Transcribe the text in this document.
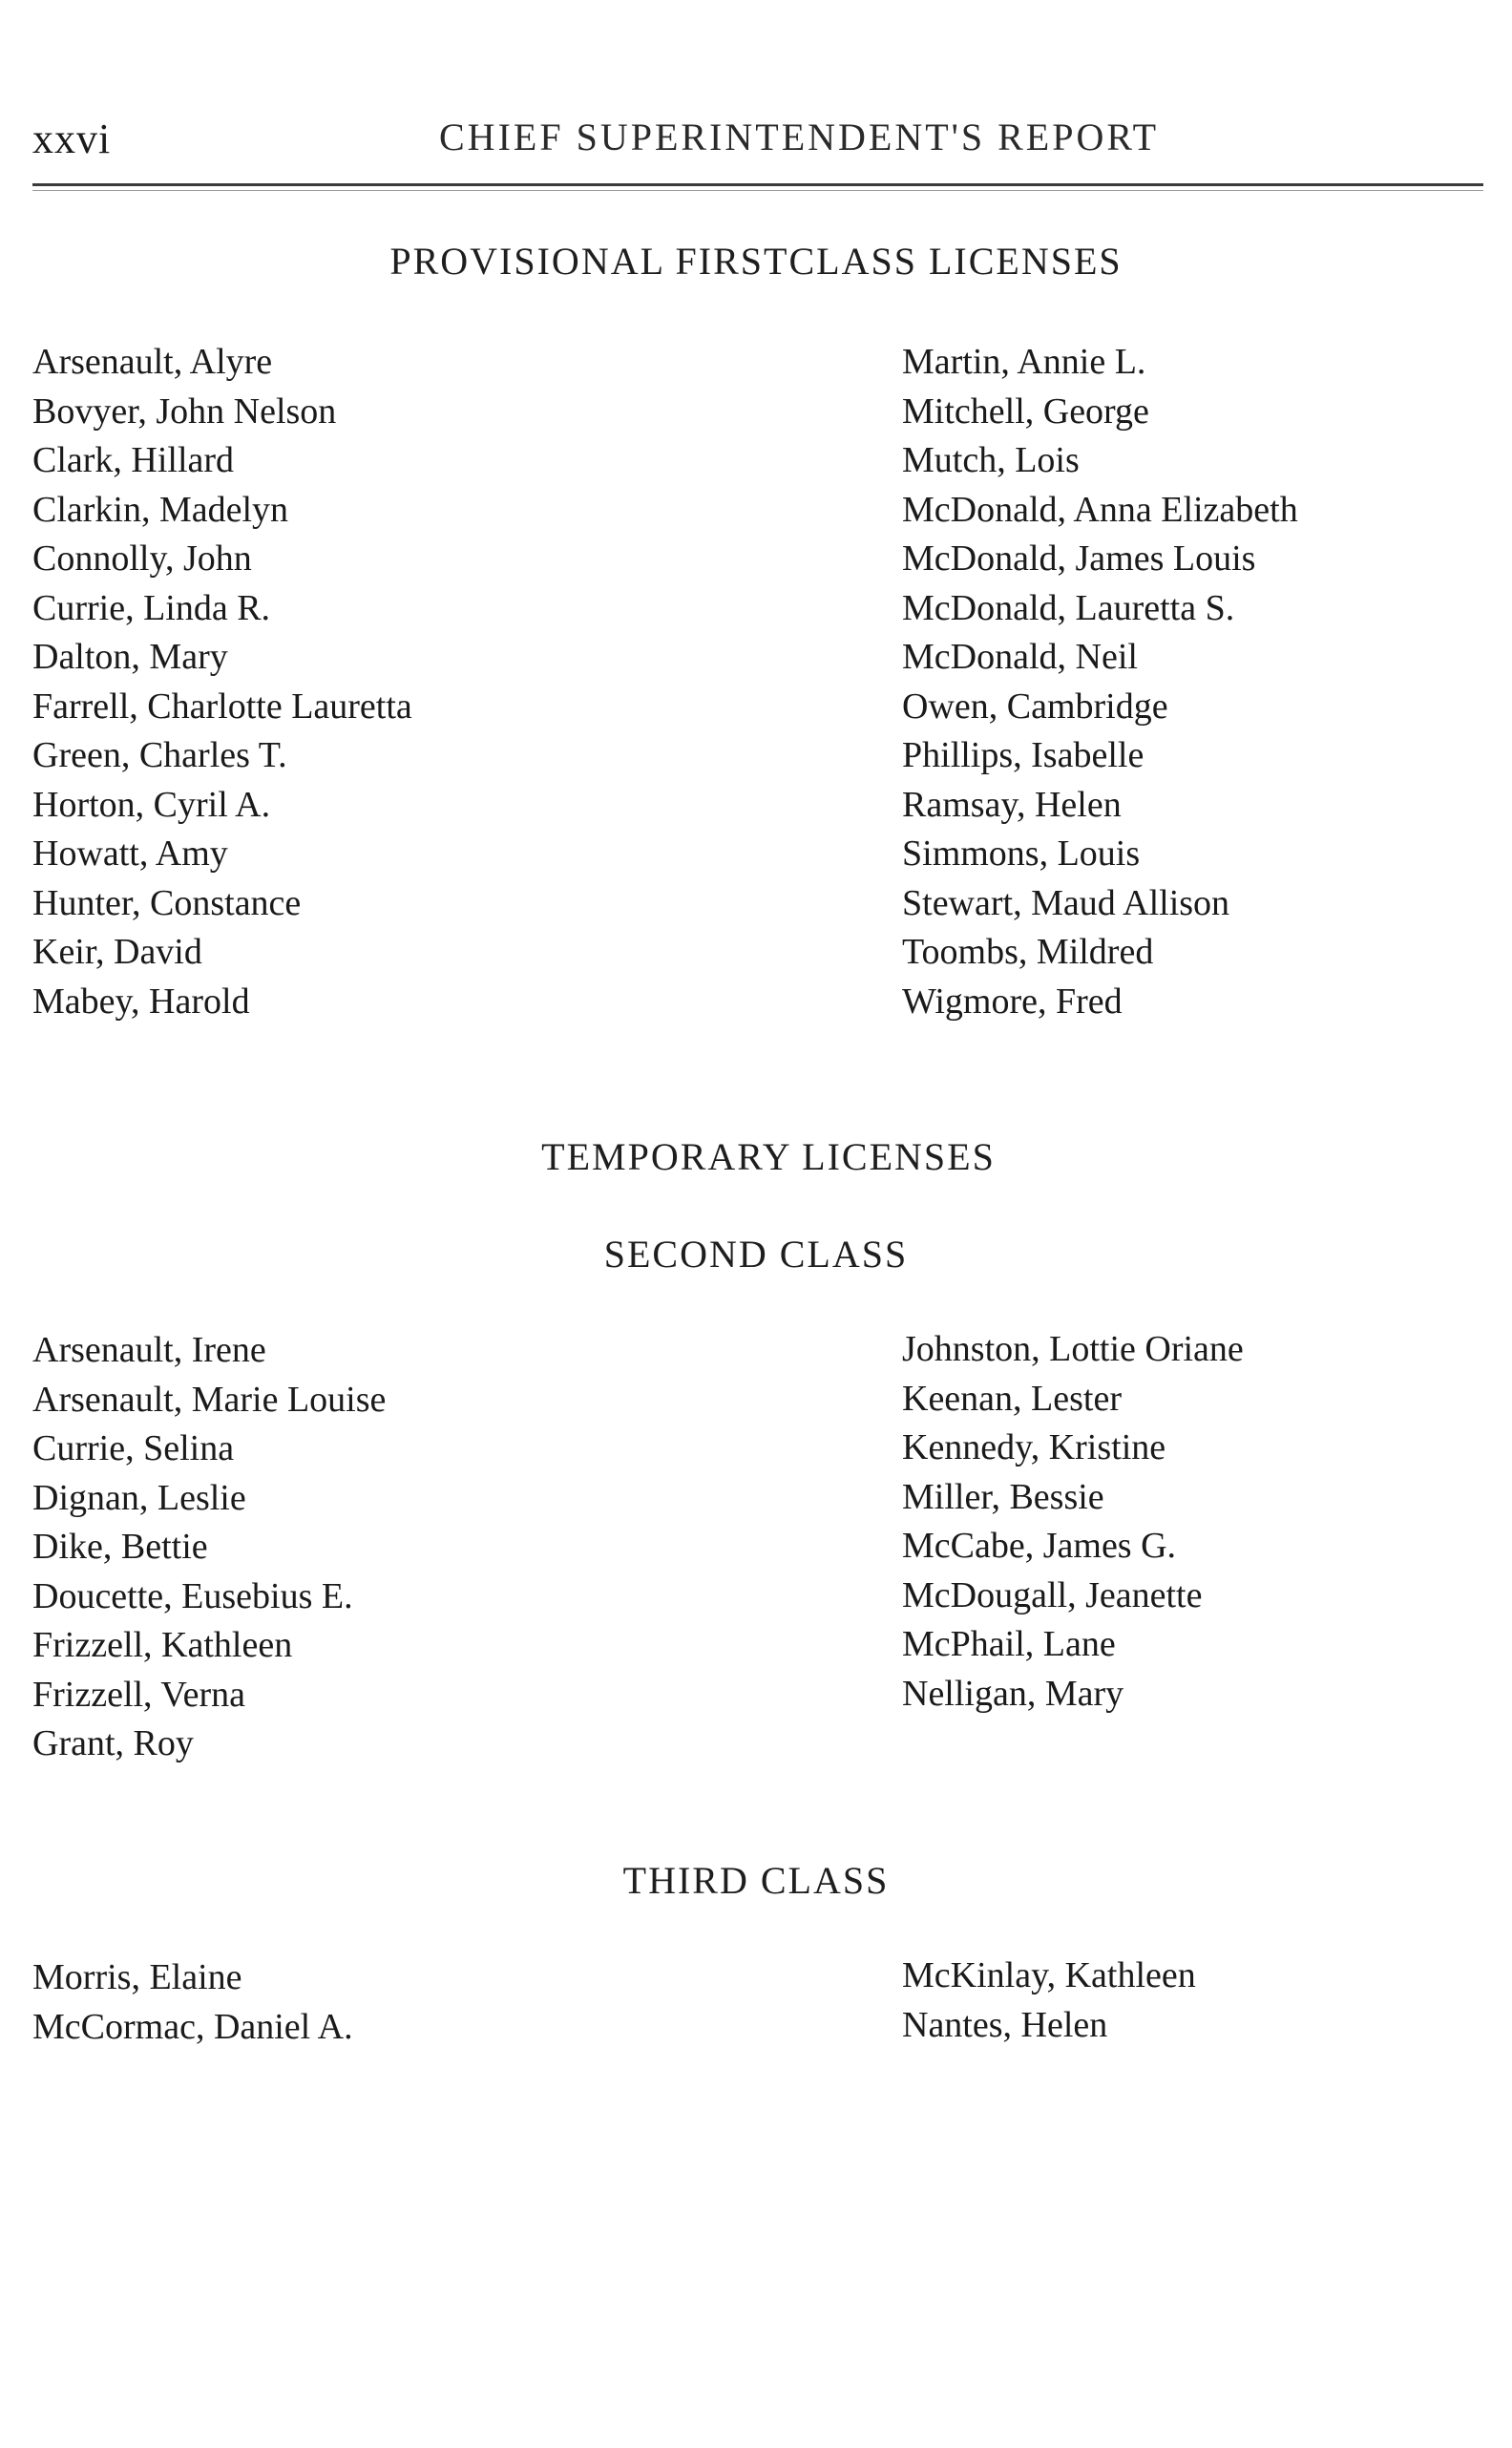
xxvi	CHIEF SUPERINTENDENT'S REPORT
PROVISIONAL FIRSTCLASS LICENSES
Arsenault, Alyre
Bovyer, John Nelson
Clark, Hillard
Clarkin, Madelyn
Connolly, John
Currie, Linda R.
Dalton, Mary
Farrell, Charlotte Lauretta
Green, Charles T.
Horton, Cyril A.
Howatt, Amy
Hunter, Constance
Keir, David
Mabey, Harold
Martin, Annie L.
Mitchell, George
Mutch, Lois
McDonald, Anna Elizabeth
McDonald, James Louis
McDonald, Lauretta S.
McDonald, Neil
Owen, Cambridge
Phillips, Isabelle
Ramsay, Helen
Simmons, Louis
Stewart, Maud Allison
Toombs, Mildred
Wigmore, Fred
TEMPORARY LICENSES
SECOND CLASS
Arsenault, Irene
Arsenault, Marie Louise
Currie, Selina
Dignan, Leslie
Dike, Bettie
Doucette, Eusebius E.
Frizzell, Kathleen
Frizzell, Verna
Grant, Roy
Johnston, Lottie Oriane
Keenan, Lester
Kennedy, Kristine
Miller, Bessie
McCabe, James G.
McDougall, Jeanette
McPhail, Lane
Nelligan, Mary
THIRD CLASS
Morris, Elaine
McCormac, Daniel A.
McKinlay, Kathleen
Nantes, Helen
